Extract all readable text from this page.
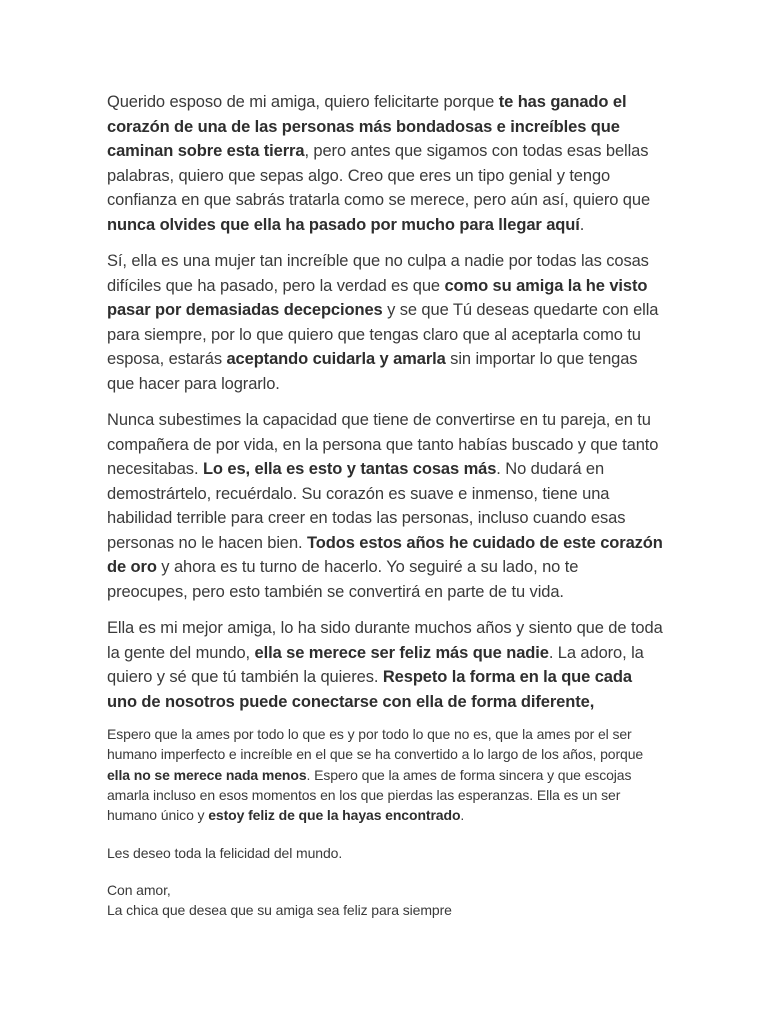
Querido esposo de mi amiga, quiero felicitarte porque te has ganado el corazón de una de las personas más bondadosas e increíbles que caminan sobre esta tierra, pero antes que sigamos con todas esas bellas palabras, quiero que sepas algo. Creo que eres un tipo genial y tengo confianza en que sabrás tratarla como se merece, pero aún así, quiero que nunca olvides que ella ha pasado por mucho para llegar aquí.

Sí, ella es una mujer tan increíble que no culpa a nadie por todas las cosas difíciles que ha pasado, pero la verdad es que como su amiga la he visto pasar por demasiadas decepciones y se que Tú deseas quedarte con ella para siempre, por lo que quiero que tengas claro que al aceptarla como tu esposa, estarás aceptando cuidarla y amarla sin importar lo que tengas que hacer para lograrlo.

Nunca subestimes la capacidad que tiene de convertirse en tu pareja, en tu compañera de por vida, en la persona que tanto habías buscado y que tanto necesitabas. Lo es, ella es esto y tantas cosas más. No dudará en demostrártelo, recuérdalo. Su corazón es suave e inmenso, tiene una habilidad terrible para creer en todas las personas, incluso cuando esas personas no le hacen bien. Todos estos años he cuidado de este corazón de oro y ahora es tu turno de hacerlo. Yo seguiré a su lado, no te preocupes, pero esto también se convertirá en parte de tu vida.

Ella es mi mejor amiga, lo ha sido durante muchos años y siento que de toda la gente del mundo, ella se merece ser feliz más que nadie. La adoro, la quiero y sé que tú también la quieres. Respeto la forma en la que cada uno de nosotros puede conectarse con ella de forma diferente,

Espero que la ames por todo lo que es y por todo lo que no es, que la ames por el ser humano imperfecto e increíble en el que se ha convertido a lo largo de los años, porque ella no se merece nada menos. Espero que la ames de forma sincera y que escojas amarla incluso en esos momentos en los que pierdas las esperanzas. Ella es un ser humano único y estoy feliz de que la hayas encontrado.

Les deseo toda la felicidad del mundo.

Con amor,

La chica que desea que su amiga sea feliz para siempre
